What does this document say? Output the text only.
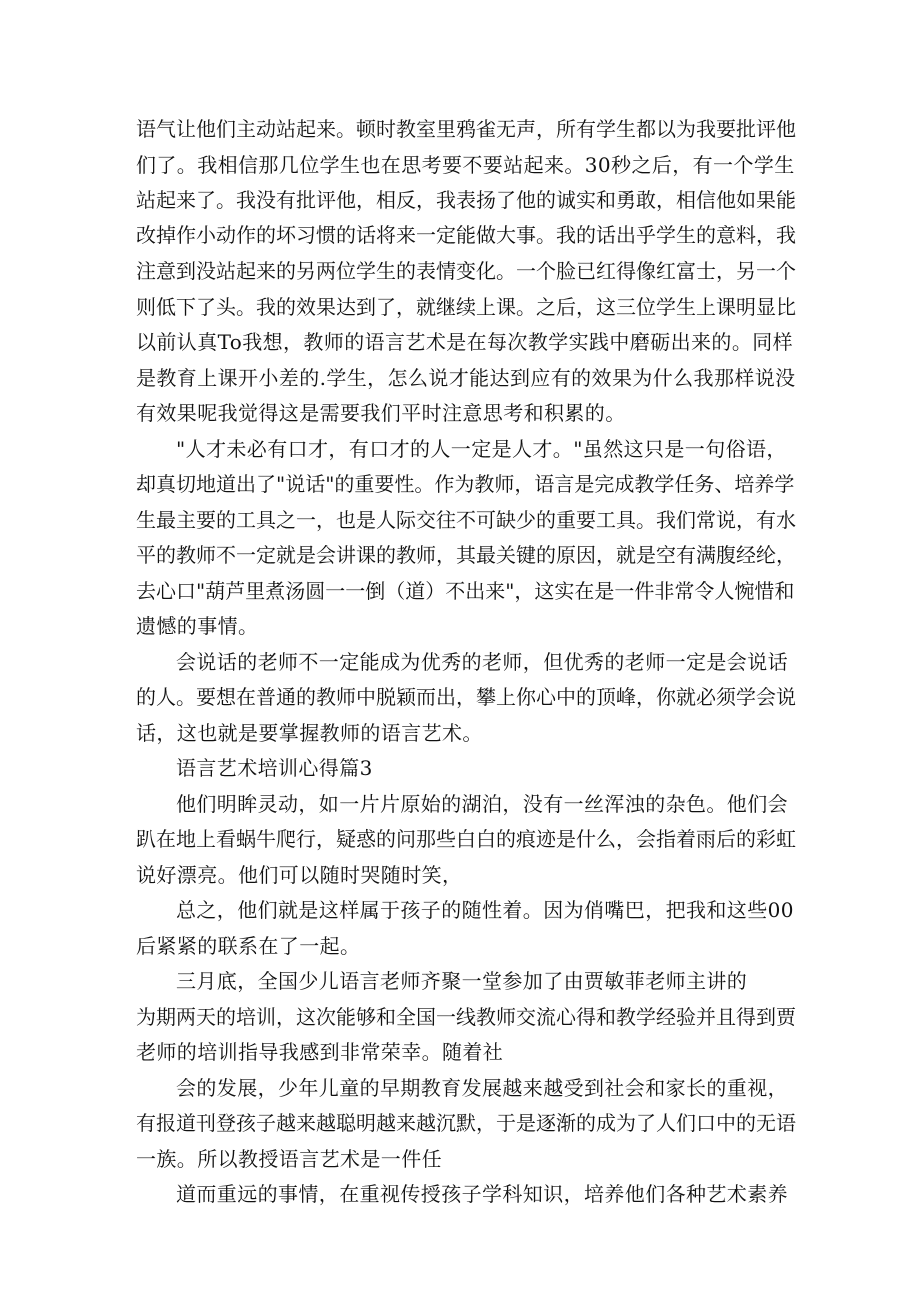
语气让他们主动站起来。顿时教室里鸦雀无声，所有学生都以为我要批评他
们了。我相信那几位学生也在思考要不要站起来。30秒之后，有一个学生
站起来了。我没有批评他，相反，我表扬了他的诚实和勇敢，相信他如果能
改掉作小动作的坏习惯的话将来一定能做大事。我的话出乎学生的意料，我
注意到没站起来的另两位学生的表情变化。一个脸已红得像红富士，另一个
则低下了头。我的效果达到了，就继续上课。之后，这三位学生上课明显比
以前认真To我想，教师的语言艺术是在每次教学实践中磨砺出来的。同样
是教育上课开小差的.学生，怎么说才能达到应有的效果为什么我那样说没
有效果呢我觉得这是需要我们平时注意思考和积累的。
"人才未必有口才，有口才的人一定是人才。"虽然这只是一句俗语，
却真切地道出了"说话"的重要性。作为教师，语言是完成教学任务、培养学
生最主要的工具之一，也是人际交往不可缺少的重要工具。我们常说，有水
平的教师不一定就是会讲课的教师，其最关键的原因，就是空有满腹经纶，
去心口"葫芦里煮汤圆一一倒（道）不出来"，这实在是一件非常令人惋惜和
遗憾的事情。
会说话的老师不一定能成为优秀的老师，但优秀的老师一定是会说话
的人。要想在普通的教师中脱颖而出，攀上你心中的顶峰，你就必须学会说
话，这也就是要掌握教师的语言艺术。
语言艺术培训心得篇3
他们明眸灵动，如一片片原始的湖泊，没有一丝浑浊的杂色。他们会
趴在地上看蜗牛爬行，疑惑的问那些白白的痕迹是什么，会指着雨后的彩虹
说好漂亮。他们可以随时哭随时笑，
总之，他们就是这样属于孩子的随性着。因为俏嘴巴，把我和这些00
后紧紧的联系在了一起。
三月底，全国少儿语言老师齐聚一堂参加了由贾敏菲老师主讲的
为期两天的培训，这次能够和全国一线教师交流心得和教学经验并且得到贾
老师的培训指导我感到非常荣幸。随着社
会的发展，少年儿童的早期教育发展越来越受到社会和家长的重视，
有报道刊登孩子越来越聪明越来越沉默，于是逐渐的成为了人们口中的无语
一族。所以教授语言艺术是一件任
道而重远的事情，在重视传授孩子学科知识，培养他们各种艺术素养
